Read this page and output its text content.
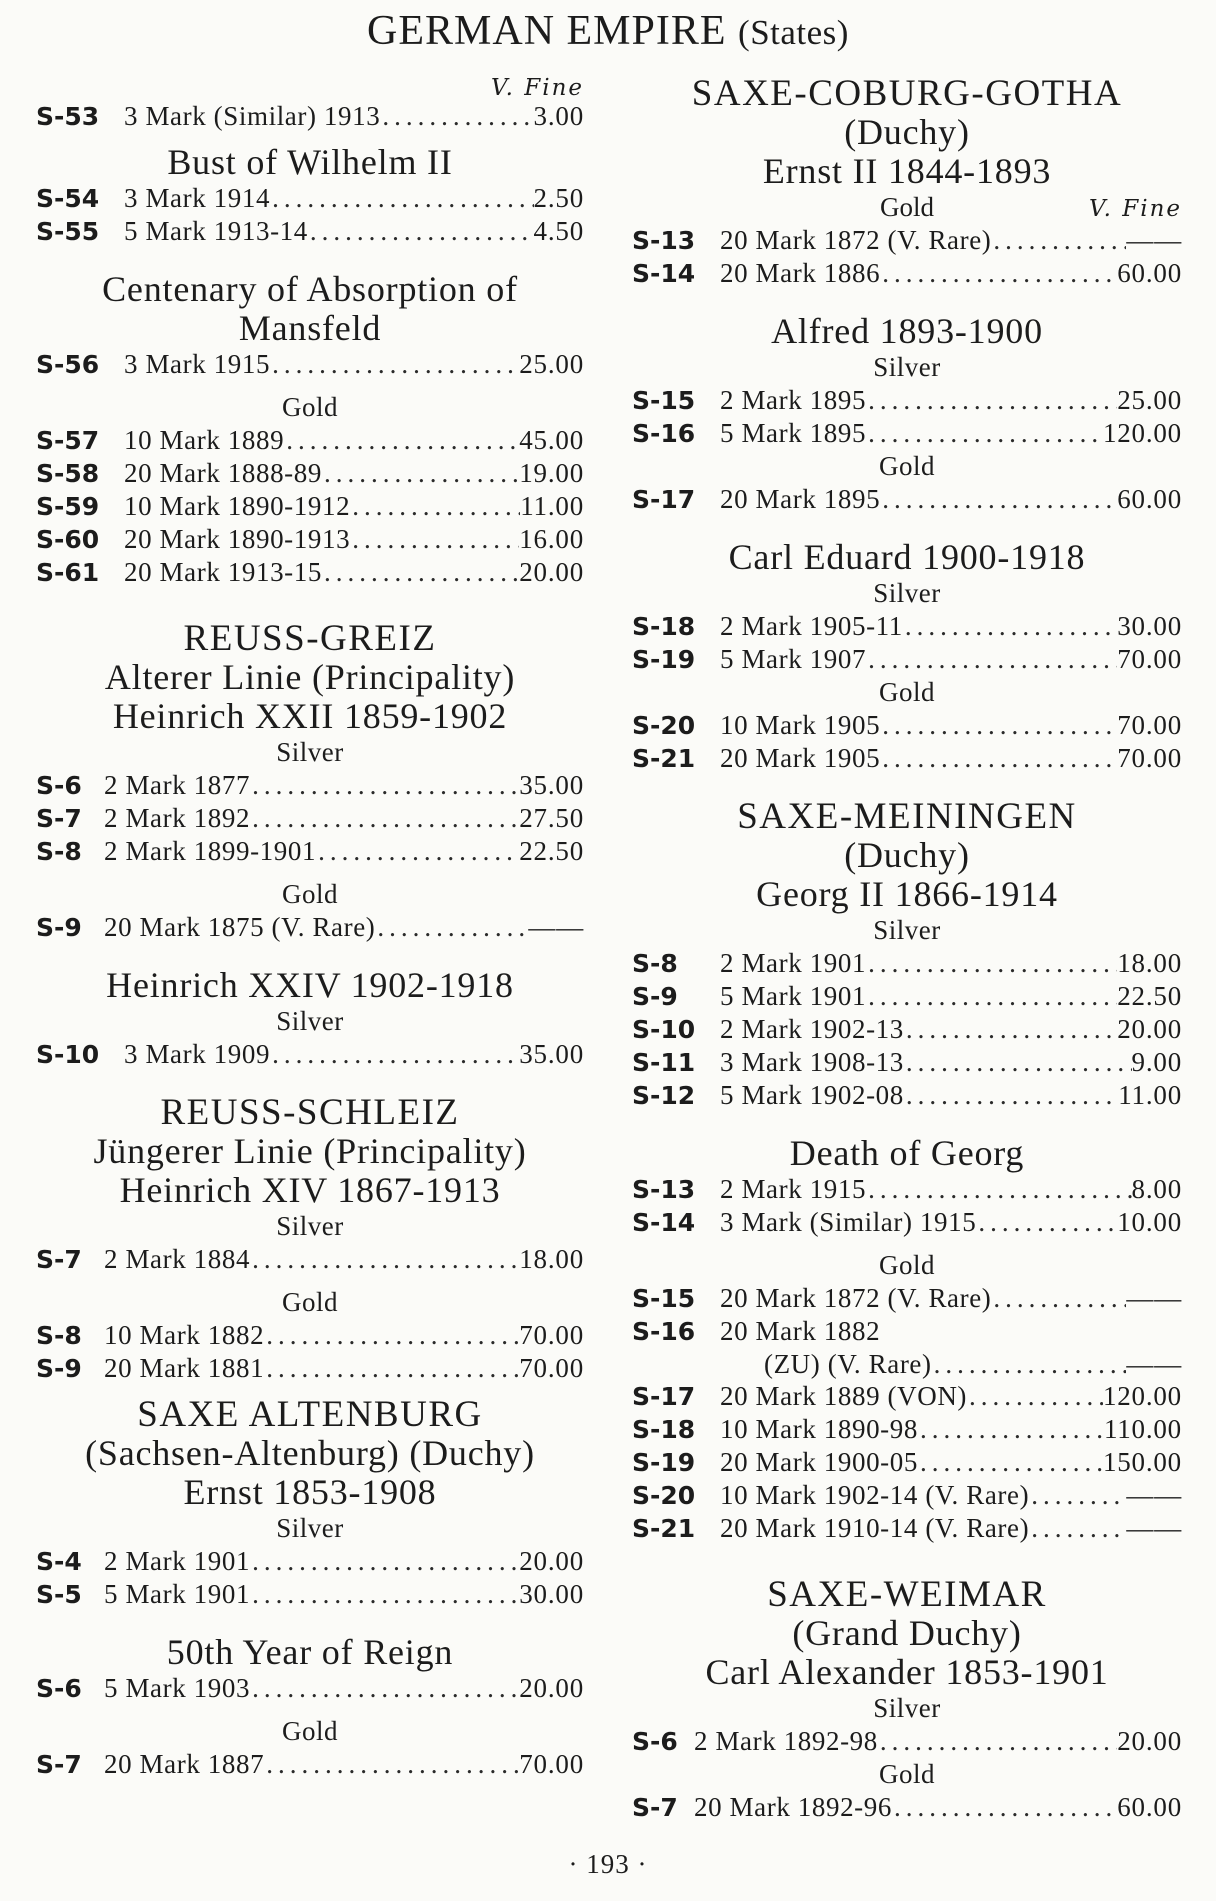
GERMAN EMPIRE (States)
V. Fine
S-53 3 Mark (Similar) 1913 .....	3.00
Bust of Wilhelm II
S-54 3 Mark 1914 .....	2.50
S-55 5 Mark 1913-14 .....	4.50
Centenary of Absorption of
Mansfeld
S-56 3 Mark 1915 .....	25.00
Gold
S-57 10 Mark 1889 .....	45.00
S-58 20 Mark 1888-89 .....	19.00
S-59 10 Mark 1890-1912 .....	11.00
S-60 20 Mark 1890-1913 .....	16.00
S-61 20 Mark 1913-15 .....	20.00
REUSS-GREIZ
Alterer Linie (Principality)
Heinrich XXII 1859-1902
Silver
S-6 2 Mark 1877 .....	35.00
S-7 2 Mark 1892 .....	27.50
S-8 2 Mark 1899-1901 .....	22.50
Gold
S-9 20 Mark 1875 (V. Rare) .....	——
Heinrich XXIV 1902-1918
Silver
S-10 3 Mark 1909 .....	35.00
REUSS-SCHLEIZ
Jüngerer Linie (Principality)
Heinrich XIV 1867-1913
Silver
S-7 2 Mark 1884 .....	18.00
Gold
S-8 10 Mark 1882 .....	70.00
S-9 20 Mark 1881 .....	70.00
SAXE ALTENBURG
(Sachsen-Altenburg) (Duchy)
Ernst 1853-1908
Silver
S-4 2 Mark 1901 .....	20.00
S-5 5 Mark 1901 .....	30.00
50th Year of Reign
S-6 5 Mark 1903 .....	20.00
Gold
S-7 20 Mark 1887 .....	70.00
SAXE-COBURG-GOTHA
(Duchy)
Ernst II 1844-1893
Gold	V. Fine
S-13 20 Mark 1872 (V. Rare) .....	——
S-14 20 Mark 1886 .....	60.00
Alfred 1893-1900
Silver
S-15 2 Mark 1895 .....	25.00
S-16 5 Mark 1895 .....	120.00
Gold
S-17 20 Mark 1895 .....	60.00
Carl Eduard 1900-1918
Silver
S-18 2 Mark 1905-11 .....	30.00
S-19 5 Mark 1907 .....	70.00
Gold
S-20 10 Mark 1905 .....	70.00
S-21 20 Mark 1905 .....	70.00
SAXE-MEININGEN
(Duchy)
Georg II 1866-1914
Silver
S-8	2 Mark 1901 .....	18.00
S-9	5 Mark 1901 .....	22.50
S-10 2 Mark 1902-13 .....	20.00
S-11 3 Mark 1908-13 .....	9.00
S-12 5 Mark 1902-08 .....	11.00
Death of Georg
S-13 2 Mark 1915 .....	8.00
S-14 3 Mark (Similar) 1915 .....	10.00
Gold
S-15 20 Mark 1872 (V. Rare) .....	——
S-16 20 Mark 1882
(ZU) (V. Rare) .....	——
S-17 20 Mark 1889 (VON) .....	120.00
S-18 10 Mark 1890-98 .....	110.00
S-19 20 Mark 1900-05 .....	150.00
S-20 10 Mark 1902-14 (V. Rare) .....	——
S-21 20 Mark 1910-14 (V. Rare) .....	——
SAXE-WEIMAR
(Grand Duchy)
Carl Alexander 1853-1901
Silver
S-6 2 Mark 1892-98 .....	20.00
Gold
S-7 20 Mark 1892-96 .....	60.00
· 193 ·
